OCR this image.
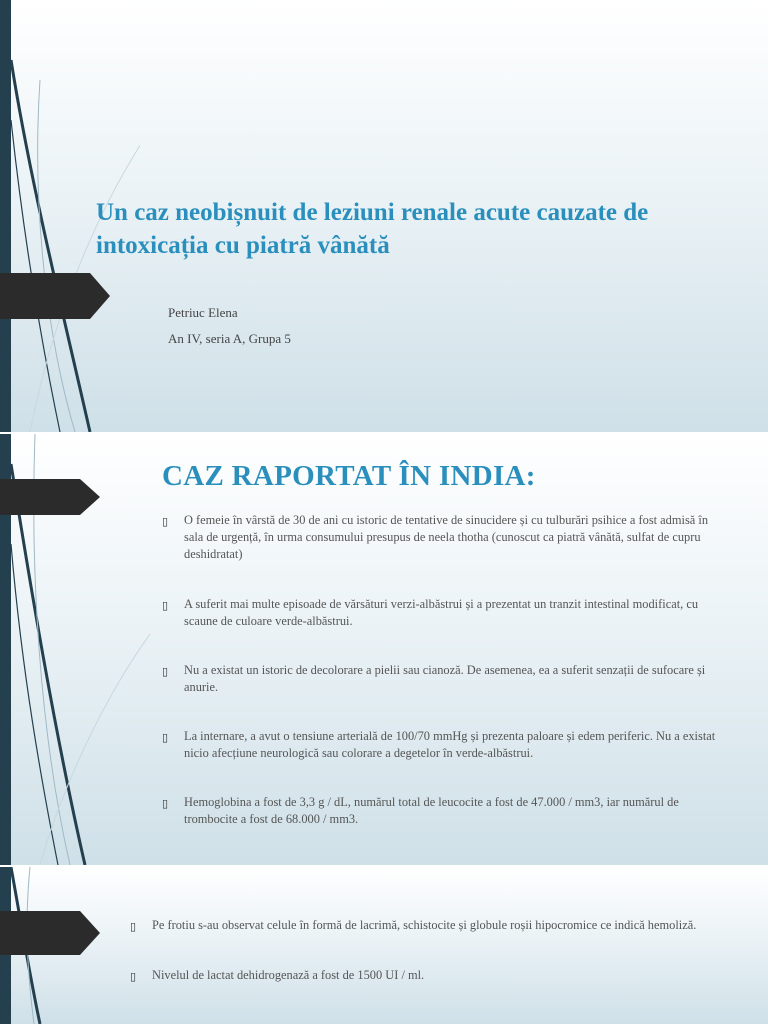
Un caz neobișnuit de leziuni renale acute cauzate de intoxicația cu piatră vânătă
Petriuc Elena
An IV, seria A, Grupa 5
CAZ RAPORTAT ÎN INDIA:
▯ O femeie în vârstă de 30 de ani cu istoric de tentative de sinucidere și cu tulburări psihice a fost admisă în sala de urgență, în urma consumului presupus de neela thotha (cunoscut ca piatră vânătă, sulfat de cupru deshidratat)
▯ A suferit mai multe episoade de vărsături verzi-albăstrui și a prezentat un tranzit intestinal modificat, cu scaune de culoare verde-albăstrui.
▯ Nu a existat un istoric de decolorare a pielii sau cianoză. De asemenea, ea a suferit senzații de sufocare și anurie.
▯ La internare, a avut o tensiune arterială de 100/70 mmHg și prezenta paloare și edem periferic. Nu a existat nicio afecțiune neurologică sau colorare a degetelor în verde-albăstrui.
▯ Hemoglobina a fost de 3,3 g / dL, numărul total de leucocite a fost de 47.000 / mm3, iar numărul de trombocite a fost de 68.000 / mm3.
▯ Pe frotiu s-au observat celule în formă de lacrimă, schistocite și globule roșii hipocromice ce indică hemoliză.
▯ Nivelul de lactat dehidrogenază a fost de 1500 UI / ml.
